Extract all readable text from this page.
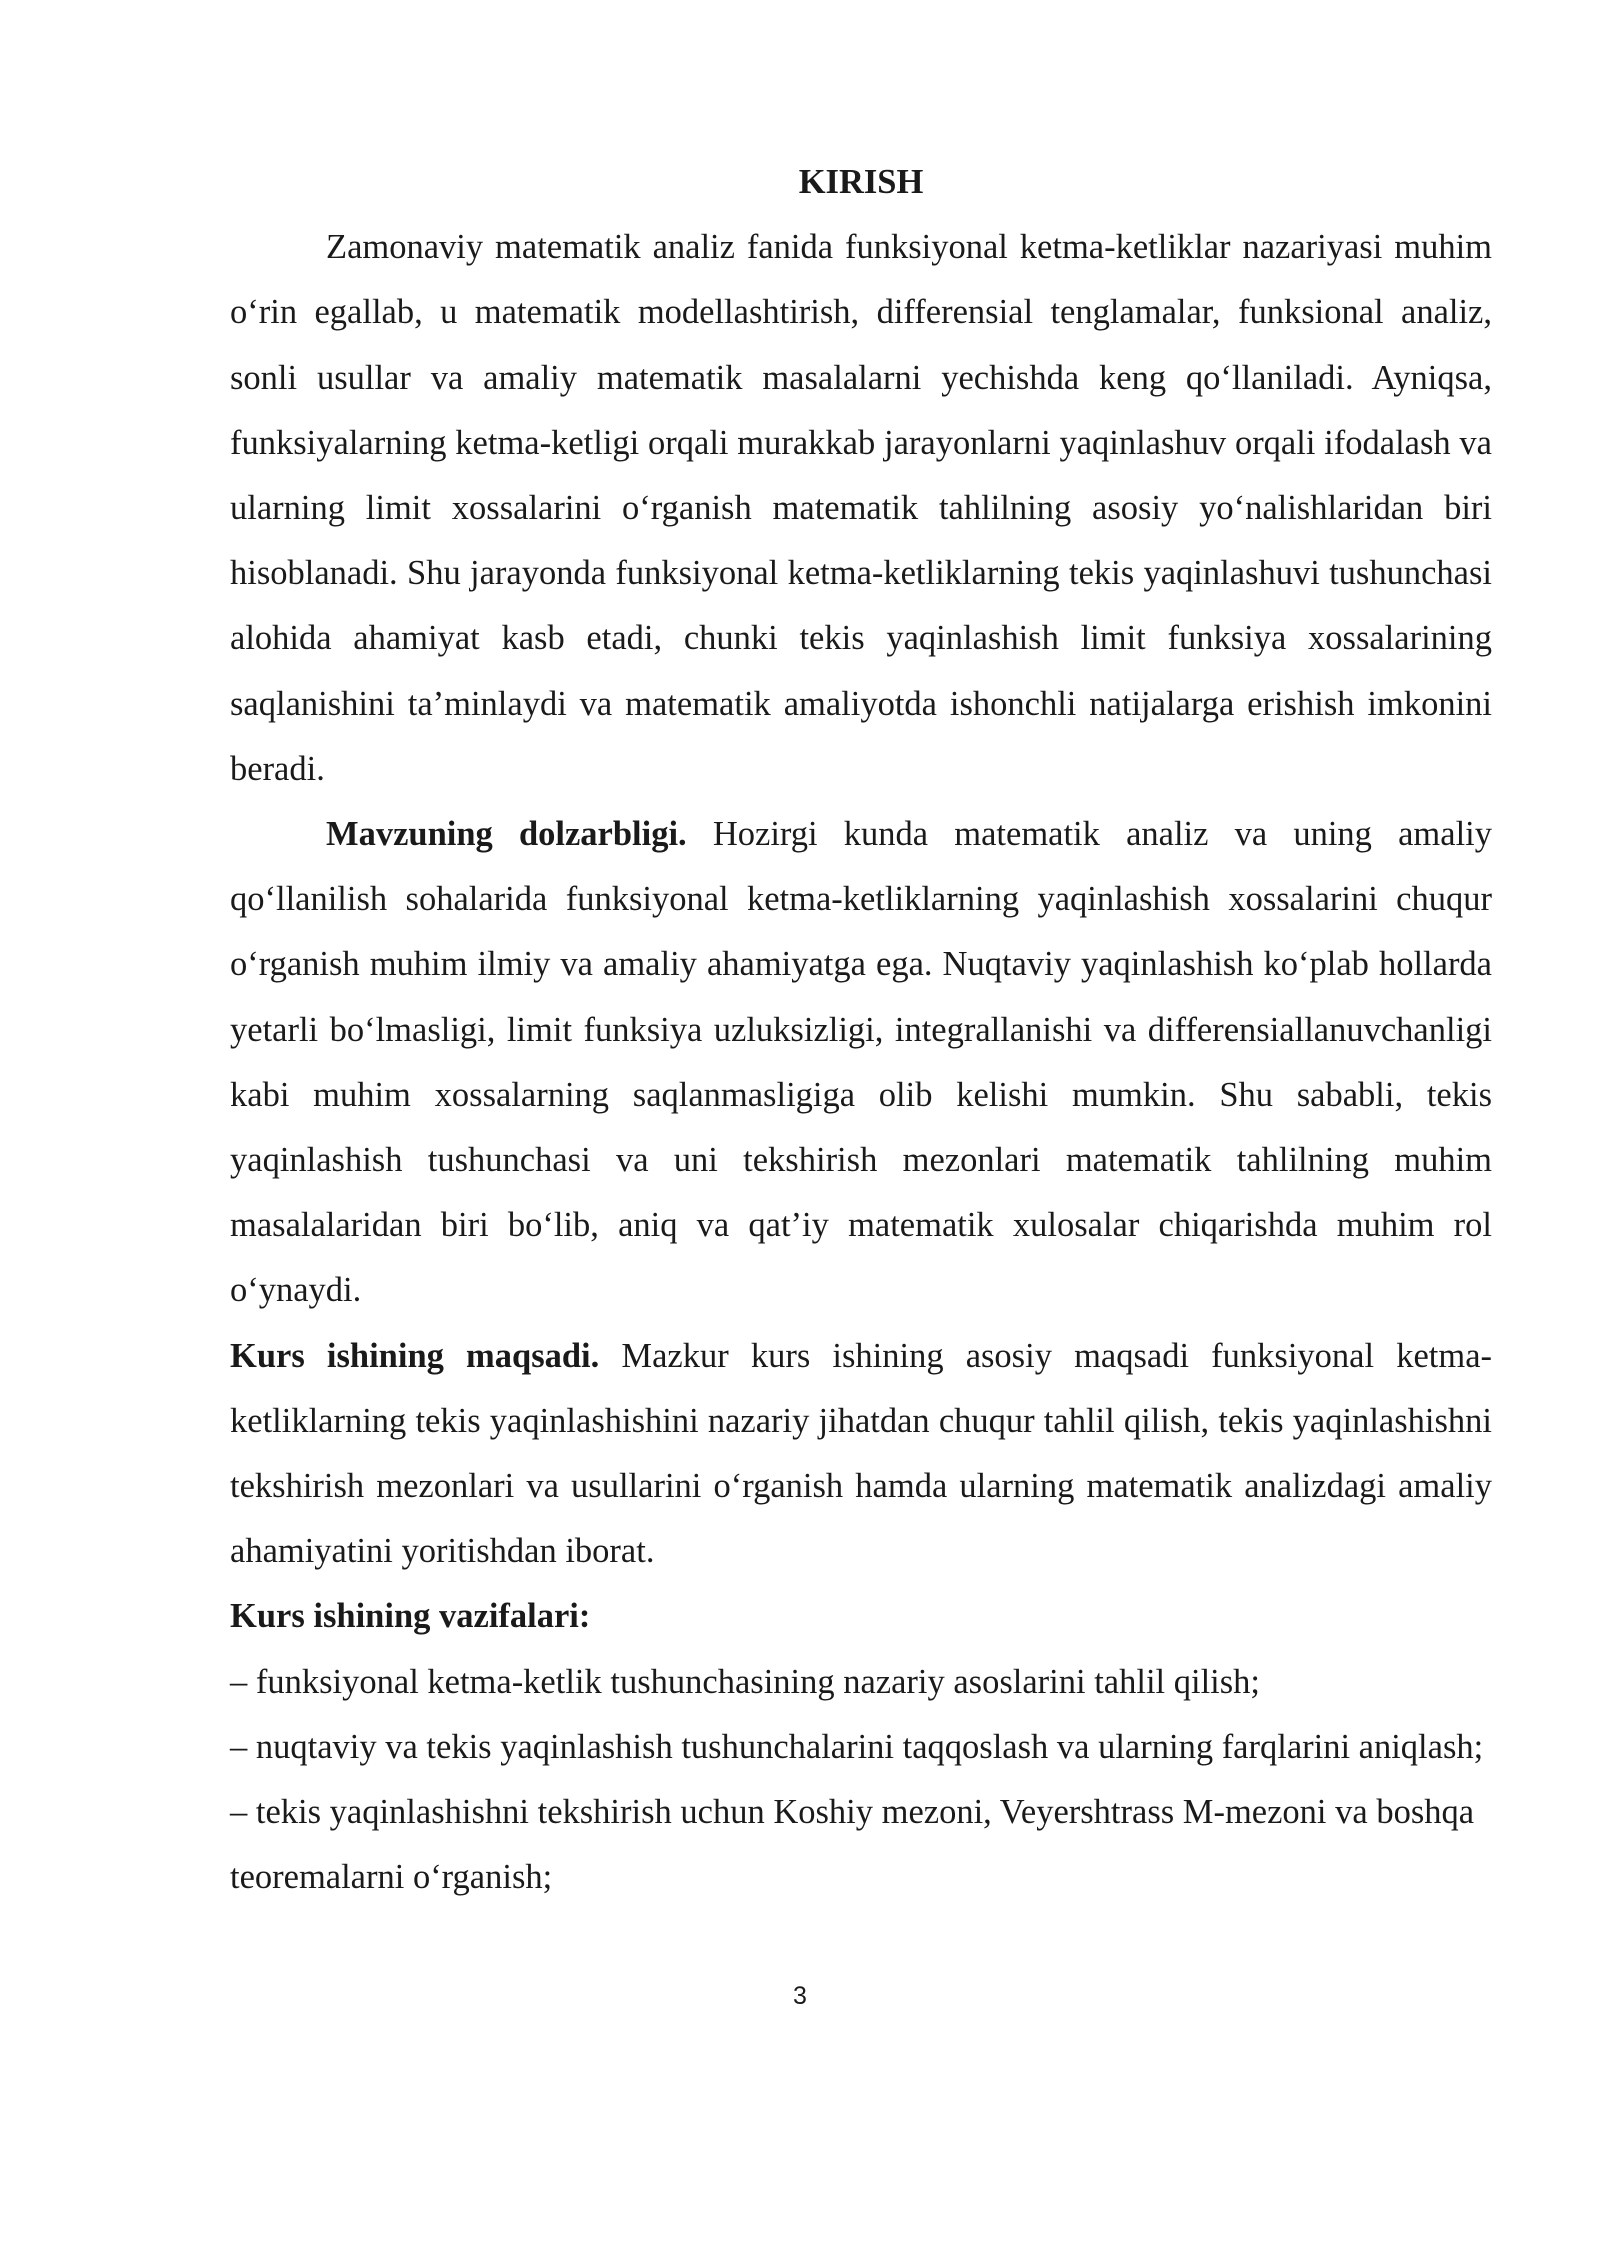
KIRISH

Zamonaviy matematik analiz fanida funksiyonal ketma-ketliklar nazariyasi muhim o‘rin egallab, u matematik modellashtirish, differensial tenglamalar, funksional analiz, sonli usullar va amaliy matematik masalalarni yechishda keng qo‘llaniladi. Ayniqsa, funksiyalarning ketma-ketligi orqali murakkab jarayonlarni yaqinlashuv orqali ifodalash va ularning limit xossalarini o‘rganish matematik tahlilning asosiy yo‘nalishlaridan biri hisoblanadi. Shu jarayonda funksiyonal ketma-ketliklarning tekis yaqinlashuvi tushunchasi alohida ahamiyat kasb etadi, chunki tekis yaqinlashish limit funksiya xossalarining saqlanishini ta’minlaydi va matematik amaliyotda ishonchli natijalarga erishish imkonini beradi.

Mavzuning dolzarbligi. Hozirgi kunda matematik analiz va uning amaliy qo‘llanilish sohalarida funksiyonal ketma-ketliklarning yaqinlashish xossalarini chuqur o‘rganish muhim ilmiy va amaliy ahamiyatga ega. Nuqtaviy yaqinlashish ko‘plab hollarda yetarli bo‘lmasligi, limit funksiya uzluksizligi, integrallanishi va differensiallanuvchanligi kabi muhim xossalarning saqlanmasligiga olib kelishi mumkin. Shu sababli, tekis yaqinlashish tushunchasi va uni tekshirish mezonlari matematik tahlilning muhim masalalaridan biri bo‘lib, aniq va qat’iy matematik xulosalar chiqarishda muhim rol o‘ynaydi.

Kurs ishining maqsadi. Mazkur kurs ishining asosiy maqsadi funksiyonal ketma-ketliklarning tekis yaqinlashishini nazariy jihatdan chuqur tahlil qilish, tekis yaqinlashishni tekshirish mezonlari va usullarini o‘rganish hamda ularning matematik analizdagi amaliy ahamiyatini yoritishdan iborat.

Kurs ishining vazifalari:

– funksiyonal ketma-ketlik tushunchasining nazariy asoslarini tahlil qilish;

– nuqtaviy va tekis yaqinlashish tushunchalarini taqqoslash va ularning farqlarini aniqlash;

– tekis yaqinlashishni tekshirish uchun Koshiy mezoni, Veyershtrass M-mezoni va boshqa teoremalarni o‘rganish;

3
